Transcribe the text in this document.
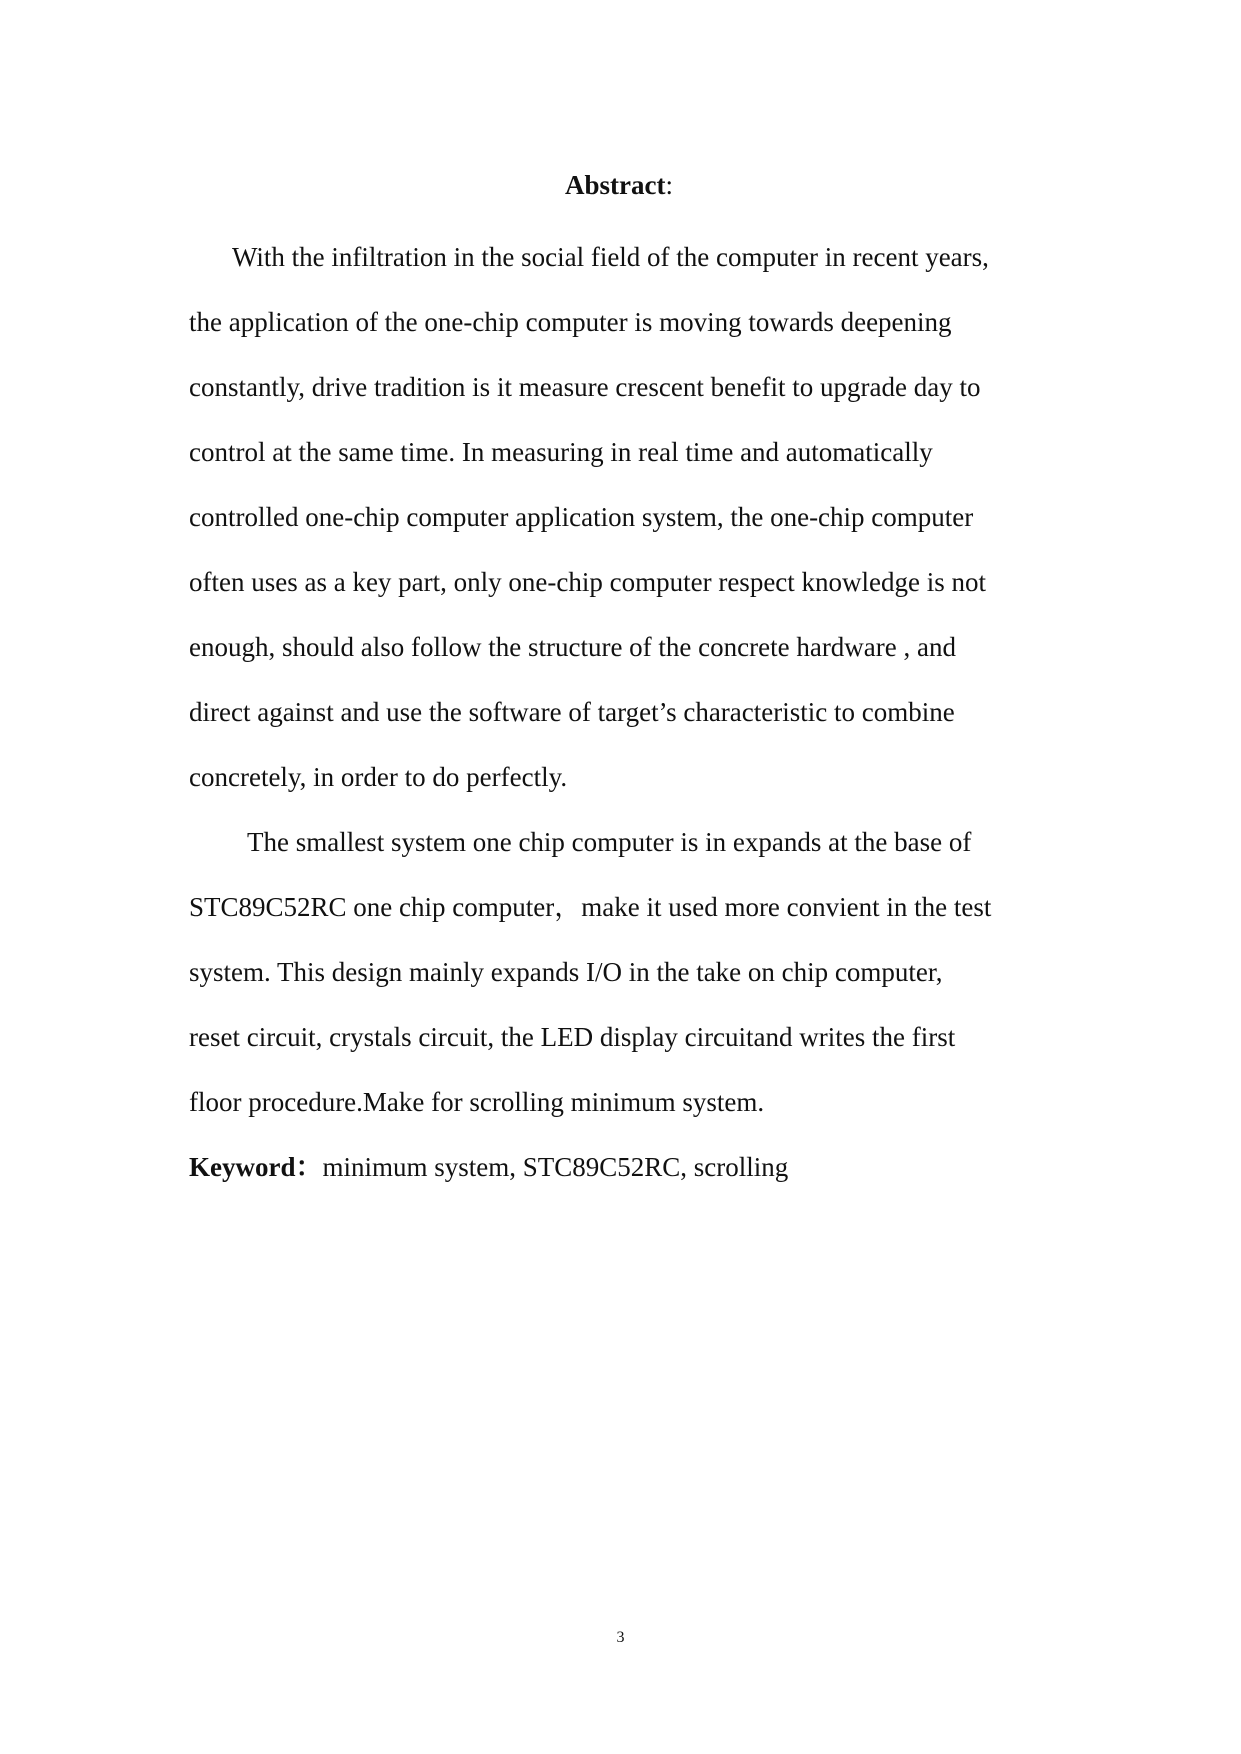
Abstract:
With the infiltration in the social field of the computer in recent years,
the application of the one-chip computer is moving towards deepening
constantly, drive tradition is it measure crescent benefit to upgrade day to
control at the same time. In measuring in real time and automatically
controlled one-chip computer application system, the one-chip computer
often uses as a key part, only one-chip computer respect knowledge is not
enough, should also follow the structure of the concrete hardware , and
direct against and use the software of target’s characteristic to combine
concretely, in order to do perfectly.
The smallest system one chip computer is in expands at the base of
STC89C52RC one chip computer，make it used more convient in the test
system. This design mainly expands I/O in the take on chip computer,
reset circuit, crystals circuit, the LED display circuitand writes the first
floor procedure.Make for scrolling minimum system.
Keyword：minimum system, STC89C52RC, scrolling
3
